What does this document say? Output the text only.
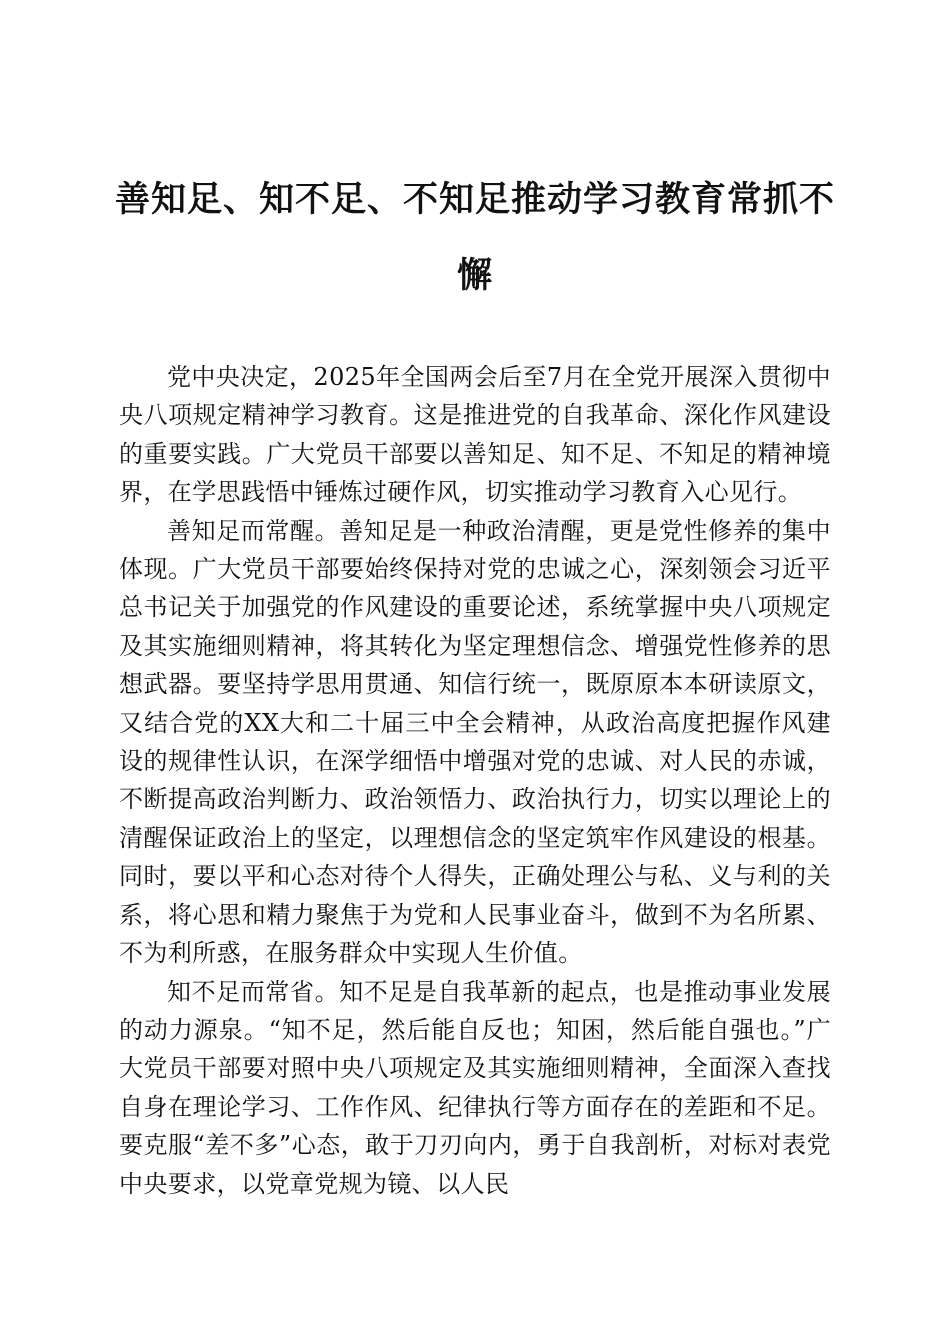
善知足、知不足、不知足推动学习教育常抓不懈

党中央决定，2025年全国两会后至7月在全党开展深入贯彻中央八项规定精神学习教育。这是推进党的自我革命、深化作风建设的重要实践。广大党员干部要以善知足、知不足、不知足的精神境界，在学思践悟中锤炼过硬作风，切实推动学习教育入心见行。

善知足而常醒。善知足是一种政治清醒，更是党性修养的集中体现。广大党员干部要始终保持对党的忠诚之心，深刻领会习近平总书记关于加强党的作风建设的重要论述，系统掌握中央八项规定及其实施细则精神，将其转化为坚定理想信念、增强党性修养的思想武器。要坚持学思用贯通、知信行统一，既原原本本研读原文，又结合党的XX大和二十届三中全会精神，从政治高度把握作风建设的规律性认识，在深学细悟中增强对党的忠诚、对人民的赤诚，不断提高政治判断力、政治领悟力、政治执行力，切实以理论上的清醒保证政治上的坚定，以理想信念的坚定筑牢作风建设的根基。同时，要以平和心态对待个人得失，正确处理公与私、义与利的关系，将心思和精力聚焦于为党和人民事业奋斗，做到不为名所累、不为利所惑，在服务群众中实现人生价值。

知不足而常省。知不足是自我革新的起点，也是推动事业发展的动力源泉。“知不足，然后能自反也；知困，然后能自强也。”广大党员干部要对照中央八项规定及其实施细则精神，全面深入查找自身在理论学习、工作作风、纪律执行等方面存在的差距和不足。要克服“差不多”心态，敢于刀刃向内，勇于自我剖析，对标对表党中央要求，以党章党规为镜、以人民
